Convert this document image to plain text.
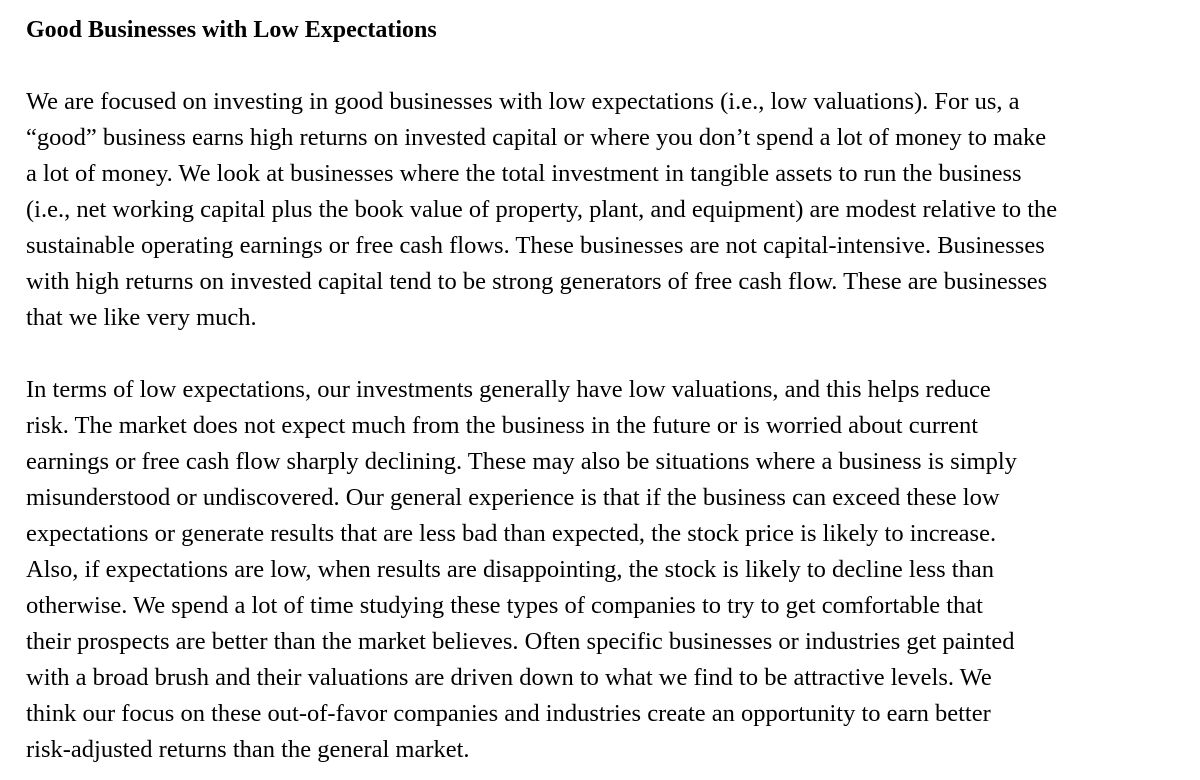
Good Businesses with Low Expectations

We are focused on investing in good businesses with low expectations (i.e., low valuations). For us, a
“good” business earns high returns on invested capital or where you don’t spend a lot of money to make
a lot of money. We look at businesses where the total investment in tangible assets to run the business
(i.e., net working capital plus the book value of property, plant, and equipment) are modest relative to the
sustainable operating earnings or free cash flows. These businesses are not capital-intensive. Businesses
with high returns on invested capital tend to be strong generators of free cash flow. These are businesses
that we like very much.

In terms of low expectations, our investments generally have low valuations, and this helps reduce
risk. The market does not expect much from the business in the future or is worried about current
earnings or free cash flow sharply declining. These may also be situations where a business is simply
misunderstood or undiscovered. Our general experience is that if the business can exceed these low
expectations or generate results that are less bad than expected, the stock price is likely to increase.
Also, if expectations are low, when results are disappointing, the stock is likely to decline less than
otherwise. We spend a lot of time studying these types of companies to try to get comfortable that
their prospects are better than the market believes. Often specific businesses or industries get painted
with a broad brush and their valuations are driven down to what we find to be attractive levels. We
think our focus on these out-of-favor companies and industries create an opportunity to earn better
risk-adjusted returns than the general market.
